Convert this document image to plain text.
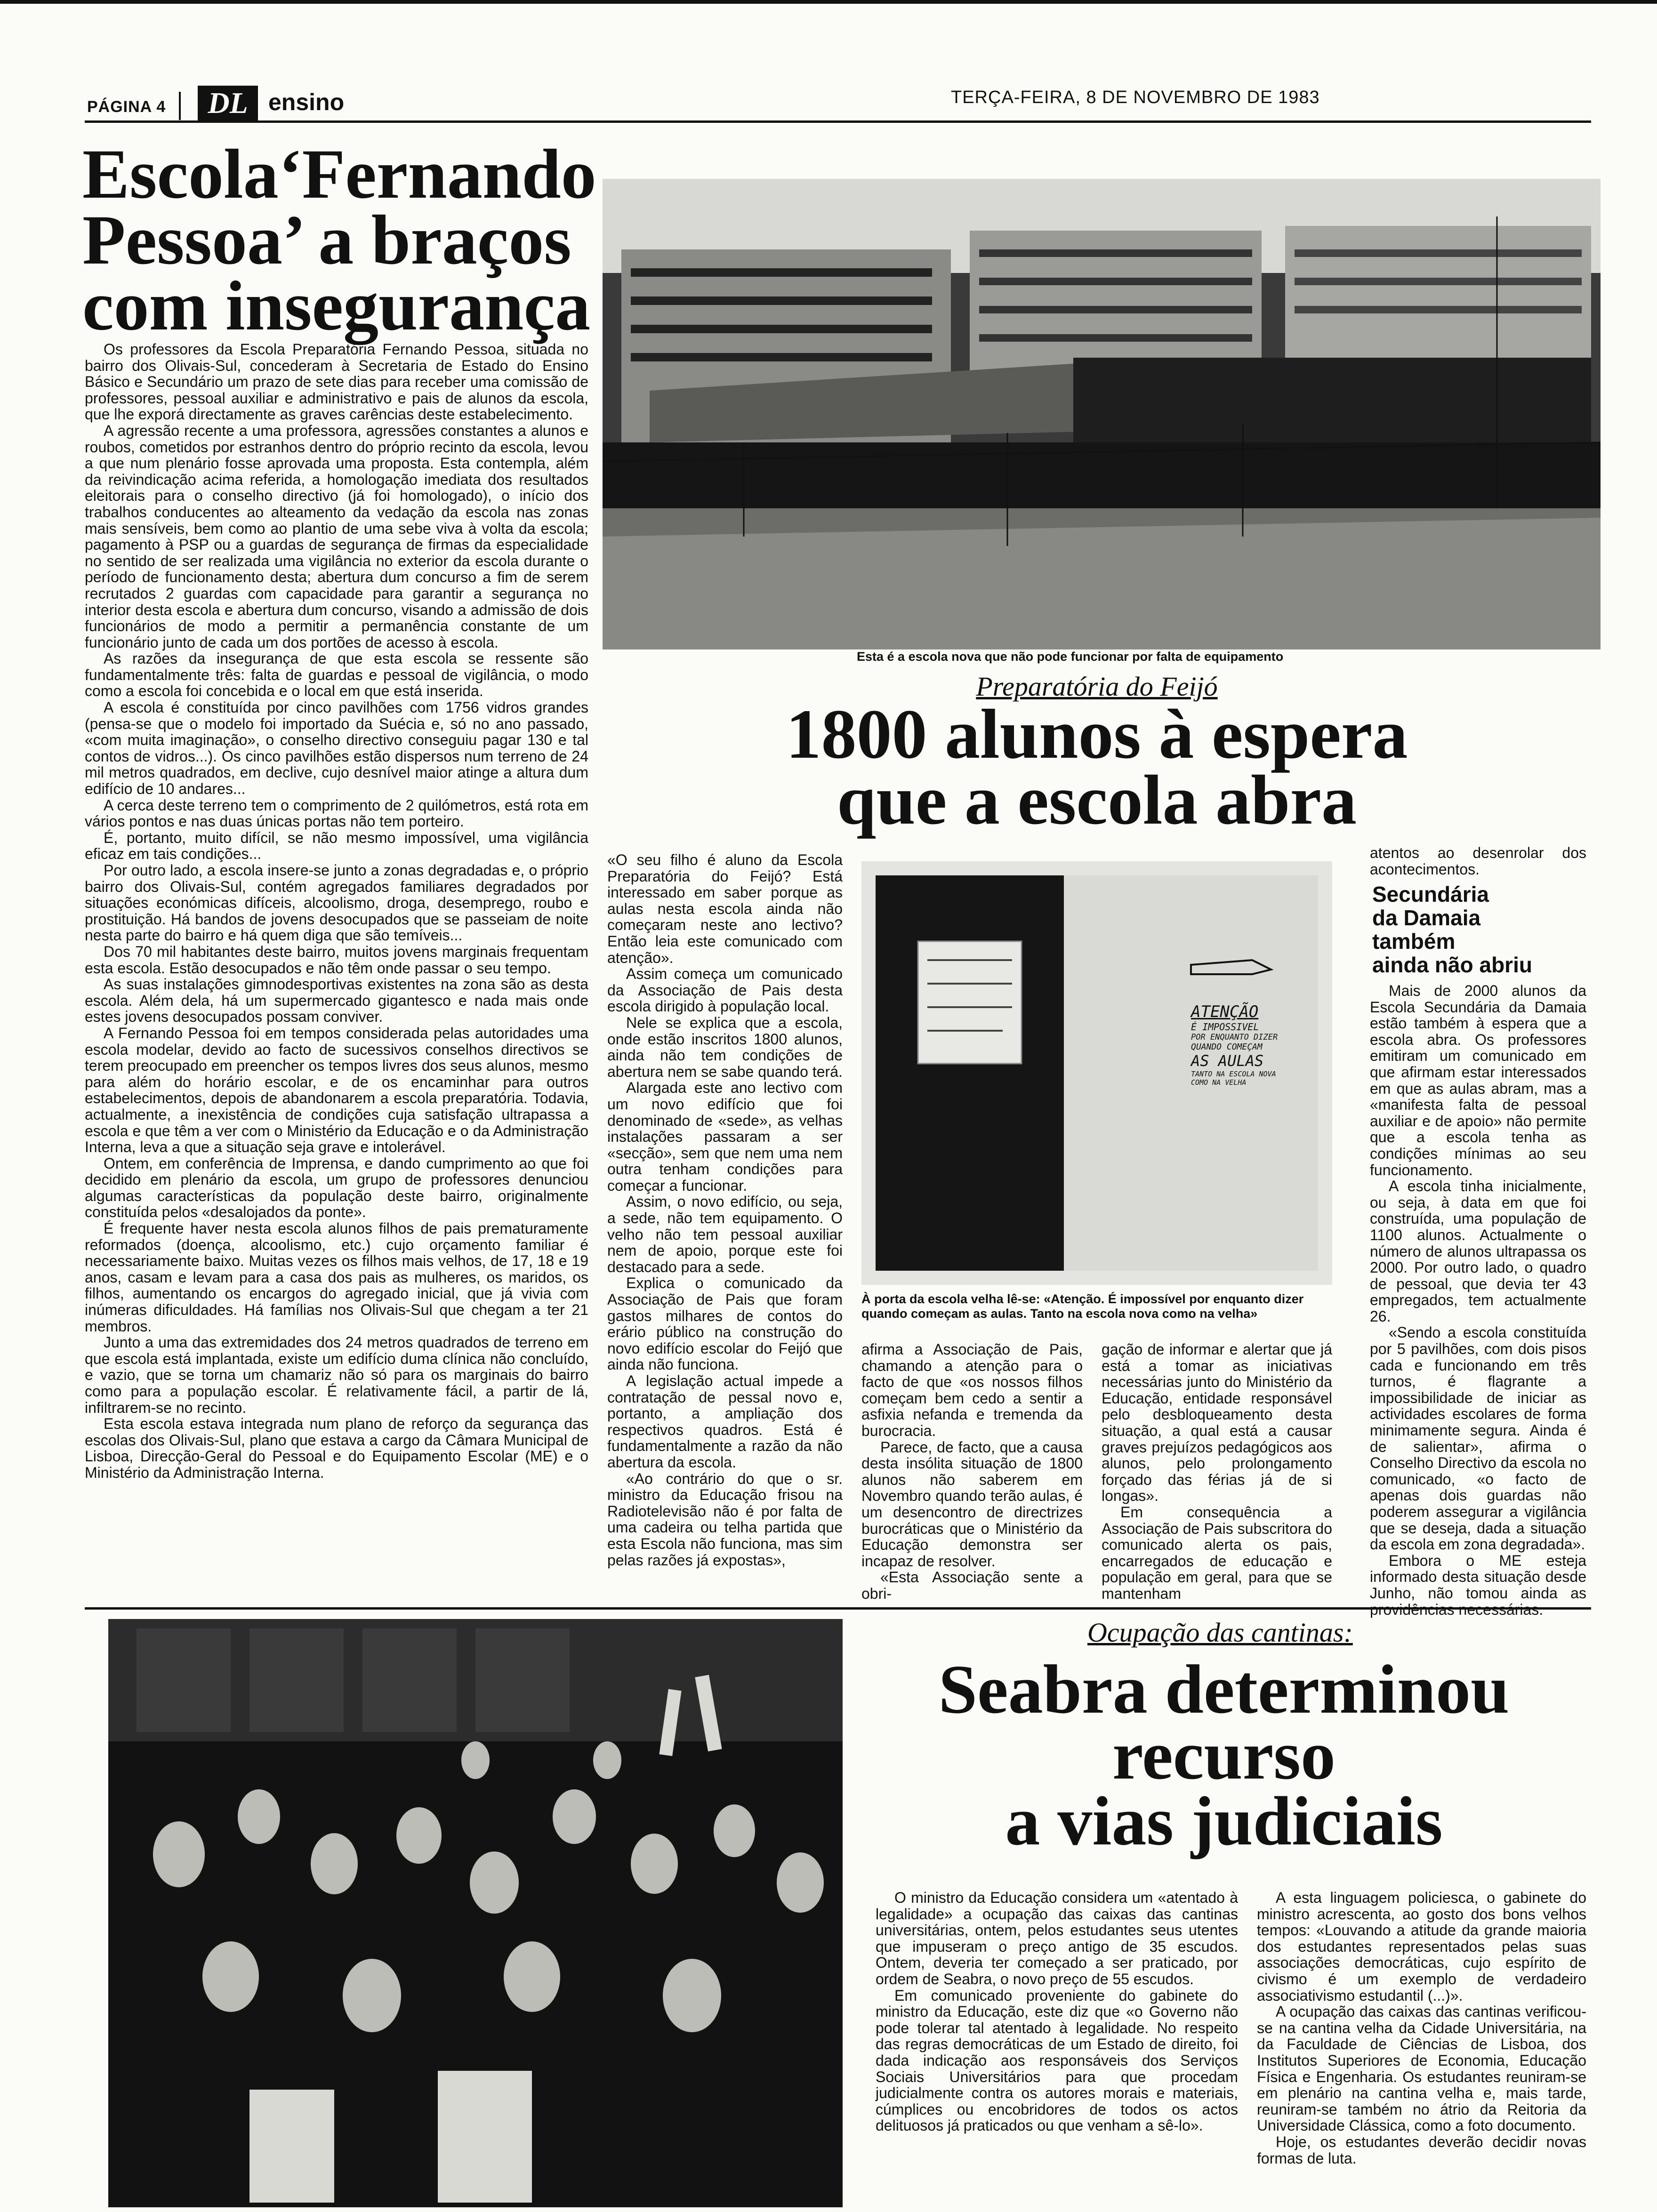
PÁGINA 4	DL ensino	TERÇA-FEIRA, 8 DE NOVEMBRO DE 1983
Escola‘Fernando
Pessoa’ a braços
com insegurança

Os professores da Escola Preparatória Fernando Pessoa, situada no bairro dos Olivais-Sul, concederam à Secretaria de Estado do Ensino Básico e Secundário um prazo de sete dias para receber uma comissão de professores, pessoal auxiliar e administrativo e pais de alunos da escola, que lhe exporá directamente as graves carências deste estabelecimento.

A agressão recente a uma professora, agressões constantes a alunos e roubos, cometidos por estranhos dentro do próprio recinto da escola, levou a que num plenário fosse aprovada uma proposta. Esta contempla, além da reivindicação acima referida, a homologação imediata dos resultados eleitorais para o conselho directivo (já foi homologado), o início dos trabalhos conducentes ao alteamento da vedação da escola nas zonas mais sensíveis, bem como ao plantio de uma sebe viva à volta da escola; pagamento à PSP ou a guardas de segurança de firmas da especialidade no sentido de ser realizada uma vigilância no exterior da escola durante o período de funcionamento desta; abertura dum concurso a fim de serem recrutados 2 guardas com capacidade para garantir a segurança no interior desta escola e abertura dum concurso, visando a admissão de dois funcionários de modo a permitir a permanência constante de um funcionário junto de cada um dos portões de acesso à escola.

As razões da insegurança de que esta escola se ressente são fundamentalmente três: falta de guardas e pessoal de vigilância, o modo como a escola foi concebida e o local em que está inserida.

A escola é constituída por cinco pavilhões com 1756 vidros grandes (pensa-se que o modelo foi importado da Suécia e, só no ano passado, «com muita imaginação», o conselho directivo conseguiu pagar 130 e tal contos de vidros...). Os cinco pavilhões estão dispersos num terreno de 24 mil metros quadrados, em declive, cujo desnível maior atinge a altura dum edifício de 10 andares...

A cerca deste terreno tem o comprimento de 2 quilómetros, está rota em vários pontos e nas duas únicas portas não tem porteiro.

É, portanto, muito difícil, se não mesmo impossível, uma vigilância eficaz em tais condições...

Por outro lado, a escola insere-se junto a zonas degradadas e, o próprio bairro dos Olivais-Sul, contém agregados familiares degradados por situações económicas difíceis, alcoolismo, droga, desemprego, roubo e prostituição. Há bandos de jovens desocupados que se passeiam de noite nesta parte do bairro e há quem diga que são temíveis...

Dos 70 mil habitantes deste bairro, muitos jovens marginais frequentam esta escola. Estão desocupados e não têm onde passar o seu tempo.

As suas instalações gimnodesportivas existentes na zona são as desta escola. Além dela, há um supermercado gigantesco e nada mais onde estes jovens desocupados possam conviver.

A Fernando Pessoa foi em tempos considerada pelas autoridades uma escola modelar, devido ao facto de sucessivos conselhos directivos se terem preocupado em preencher os tempos livres dos seus alunos, mesmo para além do horário escolar, e de os encaminhar para outros estabelecimentos, depois de abandonarem a escola preparatória. Todavia, actualmente, a inexistência de condições cuja satisfação ultrapassa a escola e que têm a ver com o Ministério da Educação e o da Administração Interna, leva a que a situação seja grave e intolerável.

Ontem, em conferência de Imprensa, e dando cumprimento ao que foi decidido em plenário da escola, um grupo de professores denunciou algumas características da população deste bairro, originalmente constituída pelos «desalojados da ponte».

É frequente haver nesta escola alunos filhos de pais prematuramente reformados (doença, alcoolismo, etc.) cujo orçamento familiar é necessariamente baixo. Muitas vezes os filhos mais velhos, de 17, 18 e 19 anos, casam e levam para a casa dos pais as mulheres, os maridos, os filhos, aumentando os encargos do agregado inicial, que já vivia com inúmeras dificuldades. Há famílias nos Olivais-Sul que chegam a ter 21 membros.

Junto a uma das extremidades dos 24 metros quadrados de terreno em que escola está implantada, existe um edifício duma clínica não concluído, e vazio, que se torna um chamariz não só para os marginais do bairro como para a população escolar. É relativamente fácil, a partir de lá, infiltrarem-se no recinto.

Esta escola estava integrada num plano de reforço da segurança das escolas dos Olivais-Sul, plano que estava a cargo da Câmara Municipal de Lisboa, Direcção-Geral do Pessoal e do Equipamento Escolar (ME) e o Ministério da Administração Interna.

Esta é a escola nova que não pode funcionar por falta de equipamento

Preparatória do Feijó

1800 alunos à espera
que a escola abra

«O seu filho é aluno da Escola Preparatória do Feijó? Está interessado em saber porque as aulas nesta escola ainda não começaram neste ano lectivo? Então leia este comunicado com atenção».

Assim começa um comunicado da Associação de Pais desta escola dirigido à população local.

Nele se explica que a escola, onde estão inscritos 1800 alunos, ainda não tem condições de abertura nem se sabe quando terá.

Alargada este ano lectivo com um novo edifício que foi denominado de «sede», as velhas instalações passaram a ser «secção», sem que nem uma nem outra tenham condições para começar a funcionar.

Assim, o novo edifício, ou seja, a sede, não tem equipamento. O velho não tem pessoal auxiliar nem de apoio, porque este foi destacado para a sede.

Explica o comunicado da Associação de Pais que foram gastos milhares de contos do erário público na construção do novo edifício escolar do Feijó que ainda não funciona.

A legislação actual impede a contratação de pessal novo e, portanto, a ampliação dos respectivos quadros. Está é fundamentalmente a razão da não abertura da escola.

«Ao contrário do que o sr. ministro da Educação frisou na Radiotelevisão não é por falta de uma cadeira ou telha partida que esta Escola não funciona, mas sim pelas razões já expostas»,

ATENÇÃO
É IMPOSSIVEL
POR ENQUANTO DIZER
QUANDO COMEÇAM
AS AULAS
TANTO NA ESCOLA NOVA
COMO NA VELHA
À porta da escola velha lê-se: «Atenção. É impossível por enquanto dizer quando começam as aulas. Tanto na escola nova como na velha»

afirma a Associação de Pais, chamando a atenção para o facto de que «os nossos filhos começam bem cedo a sentir a asfixia nefanda e tremenda da burocracia.

Parece, de facto, que a causa desta insólita situação de 1800 alunos não saberem em Novembro quando terão aulas, é um desencontro de directrizes burocráticas que o Ministério da Educação demonstra ser incapaz de resolver.

«Esta Associação sente a obri-

gação de informar e alertar que já está a tomar as iniciativas necessárias junto do Ministério da Educação, entidade responsável pelo desbloqueamento desta situação, a qual está a causar graves prejuízos pedagógicos aos alunos, pelo prolongamento forçado das férias já de si longas».

Em consequência a Associação de Pais subscritora do comunicado alerta os pais, encarregados de educação e população em geral, para que se mantenham

atentos ao desenrolar dos acontecimentos.

Secundária

da Damaia

também

ainda não abriu

Mais de 2000 alunos da Escola Secundária da Damaia estão também à espera que a escola abra. Os professores emitiram um comunicado em que afirmam estar interessados em que as aulas abram, mas a «manifesta falta de pessoal auxiliar e de apoio» não permite que a escola tenha as condições mínimas ao seu funcionamento.

A escola tinha inicialmente, ou seja, à data em que foi construída, uma população de 1100 alunos. Actualmente o número de alunos ultrapassa os 2000. Por outro lado, o quadro de pessoal, que devia ter 43 empregados, tem actualmente 26.

«Sendo a escola constituída por 5 pavilhões, com dois pisos cada e funcionando em três turnos, é flagrante a impossibilidade de iniciar as actividades escolares de forma minimamente segura. Ainda é de salientar», afirma o Conselho Directivo da escola no comunicado, «o facto de apenas dois guardas não poderem assegurar a vigilância que se deseja, dada a situação da escola em zona degradada».

Embora o ME esteja informado desta situação desde Junho, não tomou ainda as

Ocupação das cantinas:

Seabra determinou
recurso
a vias judiciais

O ministro da Educação considera um «atentado à legalidade» a ocupação das caixas das cantinas universitárias, ontem, pelos estudantes seus utentes que impuseram o preço antigo de 35 escudos. Ontem, deveria ter começado a ser praticado, por ordem de Seabra, o novo preço de 55 escudos.

Em comunicado proveniente do gabinete do ministro da Educação, este diz que «o Governo não pode tolerar tal atentado à legalidade. No respeito das regras democráticas de um Estado de direito, foi dada indicação aos responsáveis dos Serviços Sociais Universitários para que procedam judicialmente contra os autores morais e materiais, cúmplices ou encobridores de todos os actos delituosos já praticados ou que venham a sê-lo».

A esta linguagem policiesca, o gabinete do ministro acrescenta, ao gosto dos bons velhos tempos: «Louvando a atitude da grande maioria dos estudantes representados pelas suas associações democráticas, cujo espírito de civismo é um exemplo de verdadeiro associativismo estudantil (...)».

A ocupação das caixas das cantinas verificou-se na cantina velha da Cidade Universitária, na da Faculdade de Ciências de Lisboa, dos Institutos Superiores de Economia, Educação Física e Engenharia. Os estudantes reuniram-se em plenário na cantina velha e, mais tarde, reuniram-se também no átrio da Reitoria da Universidade Clássica, como a foto documento.

Hoje, os estudantes deverão decidir novas formas de luta.
